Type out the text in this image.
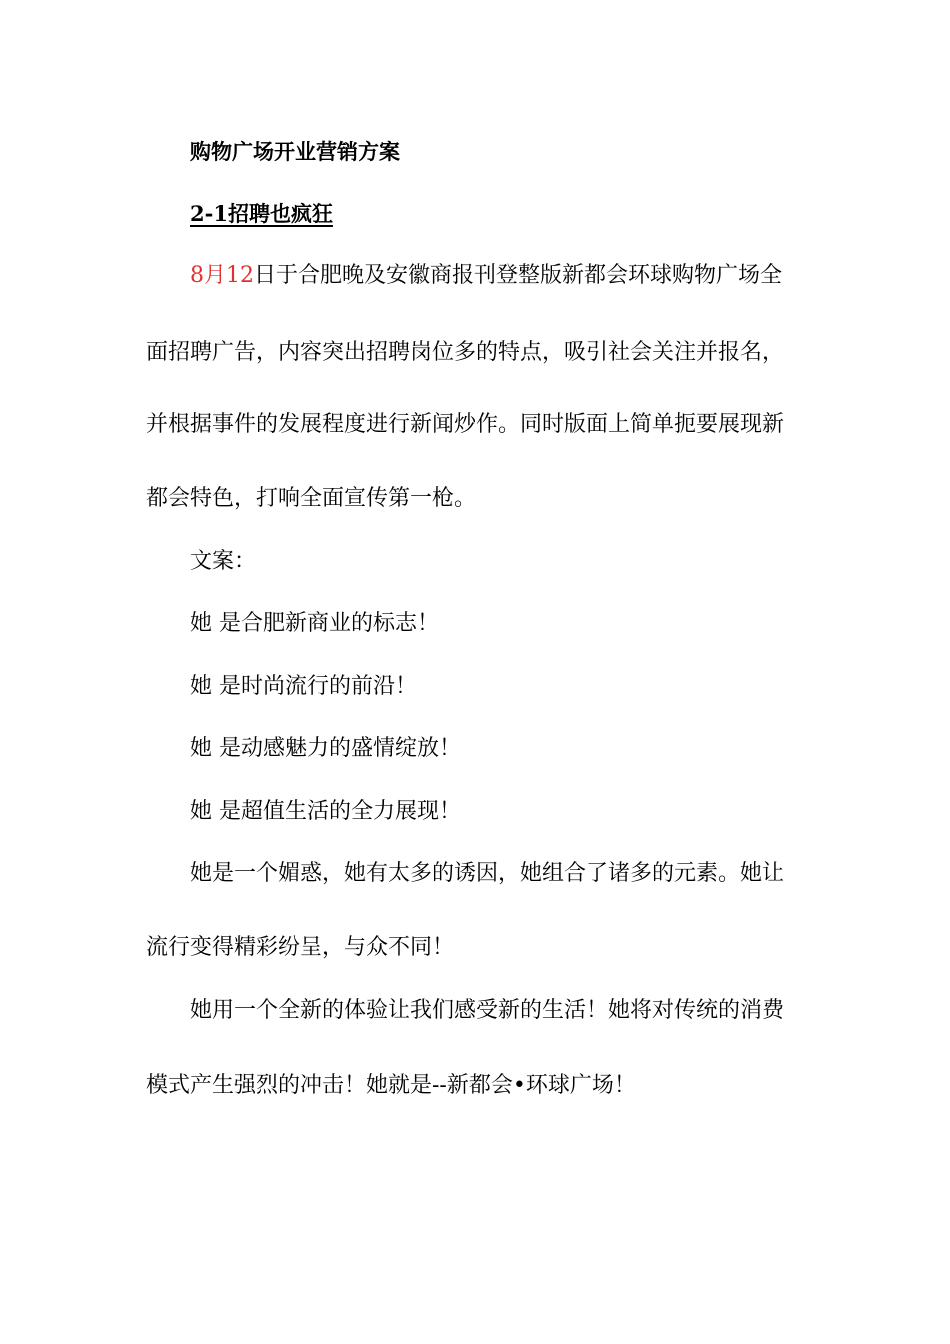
购物广场开业营销方案

2-1招聘也疯狂

8月12日于合肥晚及安徽商报刊登整版新都会环球购物广场全

面招聘广告，内容突出招聘岗位多的特点，吸引社会关注并报名，

并根据事件的发展程度进行新闻炒作。同时版面上简单扼要展现新

都会特色，打响全面宣传第一枪。

文案：

她 是合肥新商业的标志！

她 是时尚流行的前沿！

她 是动感魅力的盛情绽放！

她 是超值生活的全力展现！

她是一个媚惑，她有太多的诱因，她组合了诸多的元素。她让

流行变得精彩纷呈，与众不同！

她用一个全新的体验让我们感受新的生活！她将对传统的消费

模式产生强烈的冲击！她就是--新都会•环球广场！
